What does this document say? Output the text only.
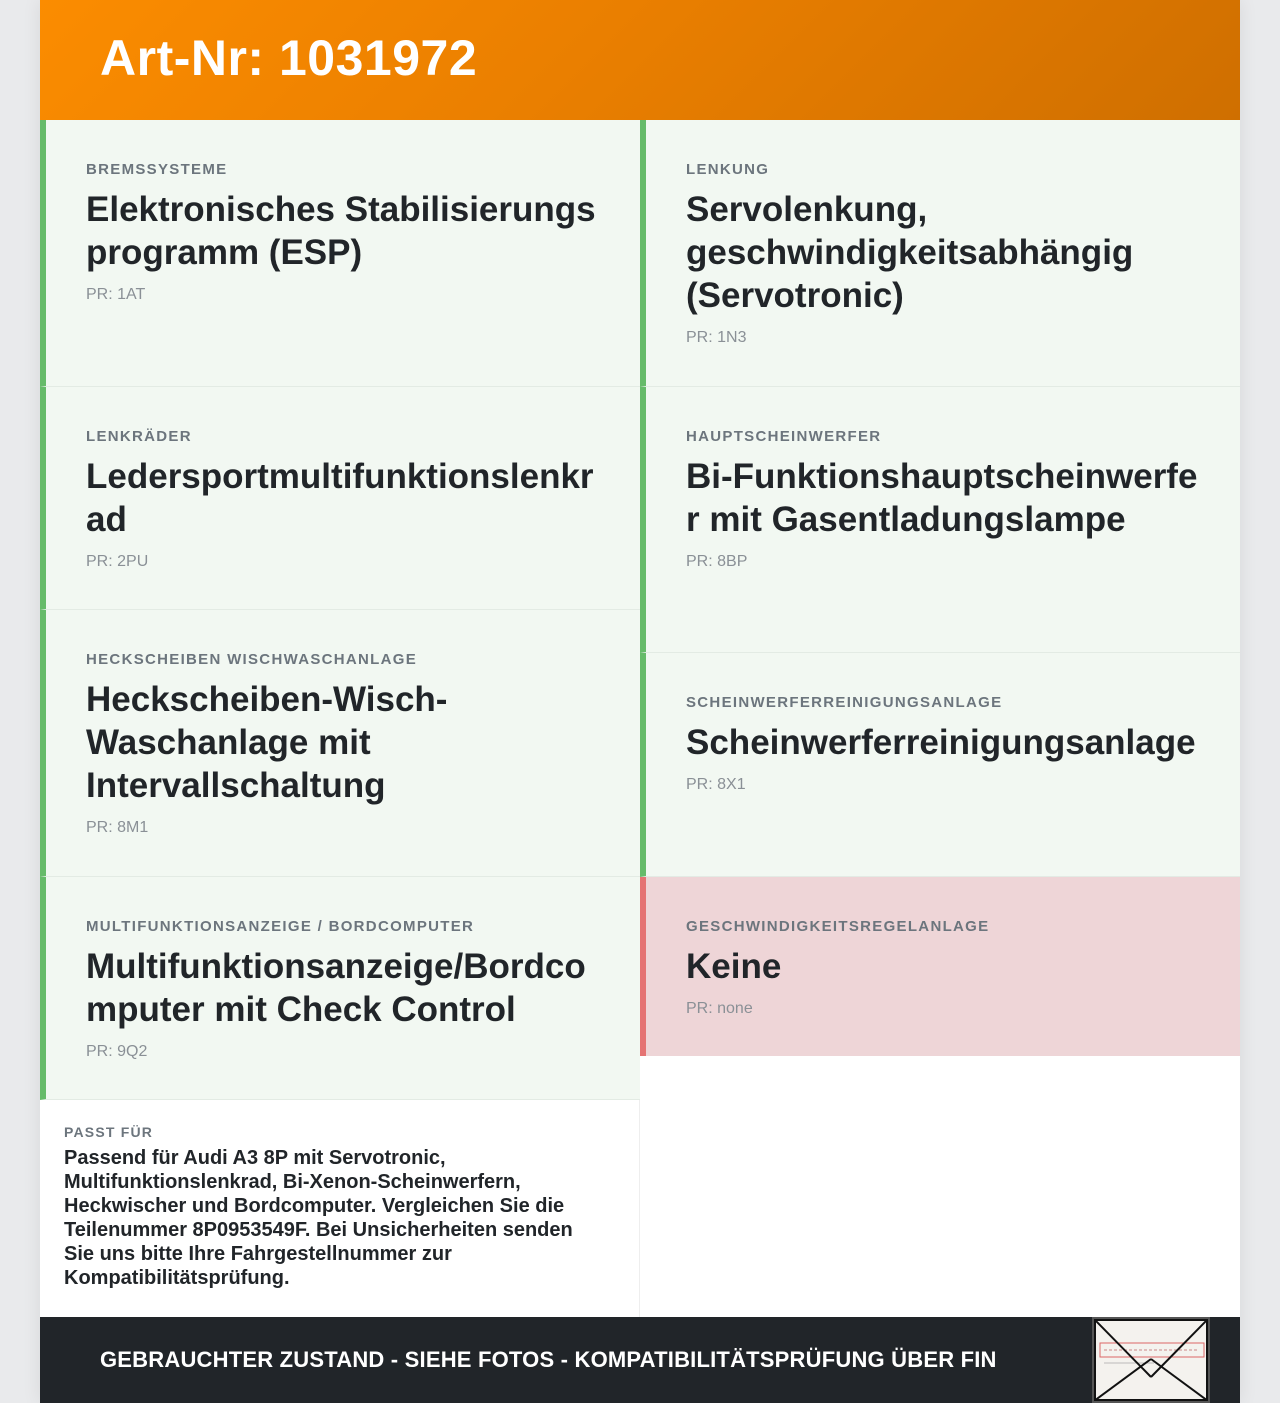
Art-Nr: 1031972
BREMSSYSTEME
Elektronisches Stabilisierungsprogramm (ESP)
PR: 1AT
LENKRÄDER
Ledersportmultifunktionslenkrad
PR: 2PU
HECKSCHEIBEN WISCHWASCHANLAGE
Heckscheiben-Wisch-Waschanlage mit Intervallschaltung
PR: 8M1
MULTIFUNKTIONSANZEIGE / BORDCOMPUTER
Multifunktionsanzeige/Bordcomputer mit Check Control
PR: 9Q2
LENKUNG
Servolenkung, geschwindigkeitsabhängig (Servotronic)
PR: 1N3
HAUPTSCHEINWERFER
Bi-Funktionshauptscheinwerfer mit Gasentladungslampe
PR: 8BP
SCHEINWERFERREINIGUNGSANLAGE
Scheinwerferreinigungsanlage
PR: 8X1
GESCHWINDIGKEITSREGELANLAGE
Keine
PR: none
PASST FÜR
Passend für Audi A3 8P mit Servotronic, Multifunktionslenkrad, Bi-Xenon-Scheinwerfern, Heckwischer und Bordcomputer. Vergleichen Sie die Teilenummer 8P0953549F. Bei Unsicherheiten senden Sie uns bitte Ihre Fahrgestellnummer zur Kompatibilitätsprüfung.
GEBRAUCHTER ZUSTAND - SIEHE FOTOS - KOMPATIBILITÄTSPRÜFUNG ÜBER FIN
